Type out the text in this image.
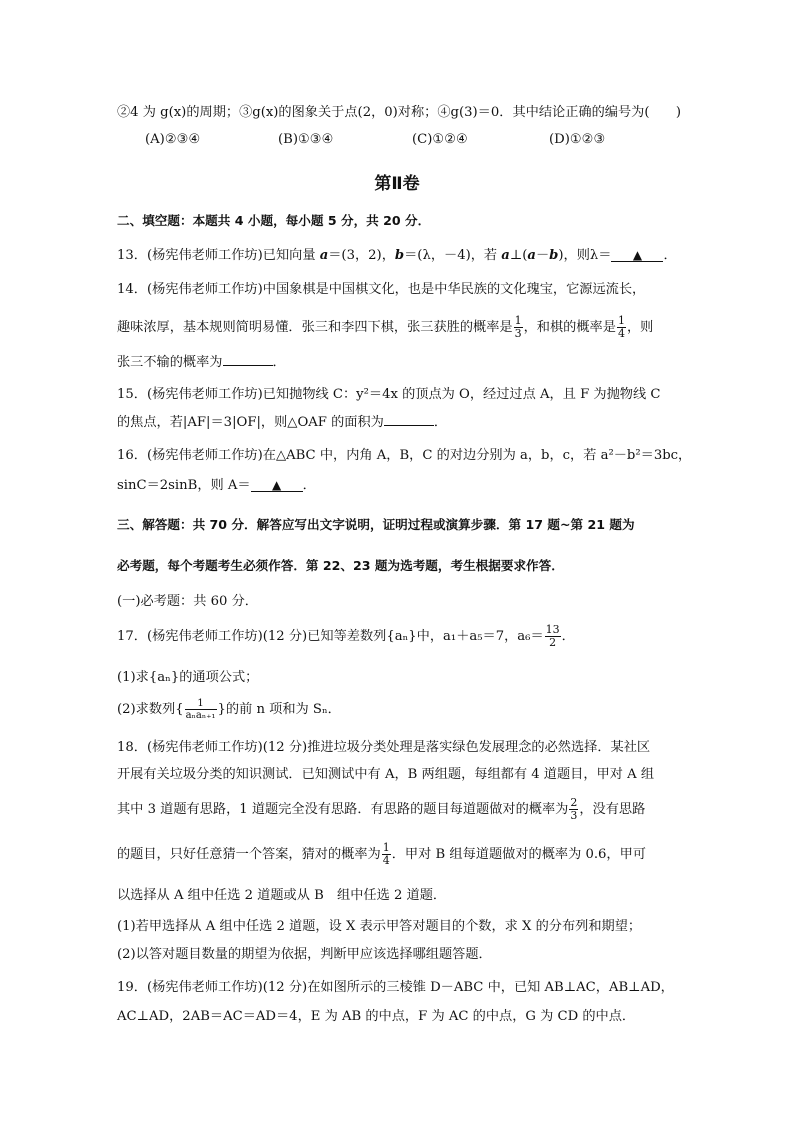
②4 为 g(x)的周期；③g(x)的图象关于点(2，0)对称；④g(3)＝0．其中结论正确的编号为(　　)
(A)②③④	(B)①③④	(C)①②④	(D)①②③
第Ⅱ卷
二、填空题：本题共 4 小题，每小题 5 分，共 20 分．
13．(杨宪伟老师工作坊)已知向量 a＝(3，2)，b＝(λ，－4)，若 a⊥(a－b)，则λ＝ ▲ ．
14．(杨宪伟老师工作坊)中国象棋是中国棋文化，也是中华民族的文化瑰宝，它源远流长，
趣味浓厚，基本规则简明易懂．张三和李四下棋，张三获胜的概率是 $\frac{1}{3}$ ，和棋的概率是 $\frac{1}{4}$ ，则
张三不输的概率为	．
15．(杨宪伟老师工作坊)已知抛物线 C：y²＝4x 的顶点为 O，经过过点 A，且 F 为抛物线 C
的焦点，若|AF|＝3|OF|，则△OAF 的面积为	．
16．(杨宪伟老师工作坊)在△ABC 中，内角 A，B，C 的对边分别为 a，b，c，若 a²－b²＝3bc，
sinC＝2sinB，则 A＝ ▲ ．
三、解答题：共 70 分．解答应写出文字说明，证明过程或演算步骤．第 17 题~第 21 题为
必考题，每个考题考生必须作答．第 22、23 题为选考题，考生根据要求作答．
(一)必考题：共 60 分．
17．(杨宪伟老师工作坊)(12 分)已知等差数列{aₙ}中，a₁＋a₅＝7，$a_6= \frac{13}{2}$ ．
(1)求{aₙ}的通项公式；
(2)求数列{ $\frac{1}{\text{aₙaₙ₊₁}}$ }的前 n 项和为 Sₙ．
18．(杨宪伟老师工作坊)(12 分)推进垃圾分类处理是落实绿色发展理念的必然选择．某社区
开展有关垃圾分类的知识测试．已知测试中有 A，B 两组题，每组都有 4 道题目，甲对 A 组
其中 3 道题有思路，1 道题完全没有思路．有思路的题目每道题做对的概率为 $\frac{2}{3}$ ，没有思路
的题目，只好任意猜一个答案，猜对的概率为 $\frac{1}{4}$ ．甲对 B 组每道题做对的概率为 0.6，甲可
以选择从 A 组中任选 2 道题或从 B　组中任选 2 道题．
(1)若甲选择从 A 组中任选 2 道题，设 X 表示甲答对题目的个数，求 X 的分布列和期望；
(2)以答对题目数量的期望为依据，判断甲应该选择哪组题答题．
19．(杨宪伟老师工作坊)(12 分)在如图所示的三棱锥 D－ABC 中，已知 AB⊥AC，AB⊥AD，
AC⊥AD，2AB＝AC＝AD＝4，E 为 AB 的中点，F 为 AC 的中点，G 为 CD 的中点．
